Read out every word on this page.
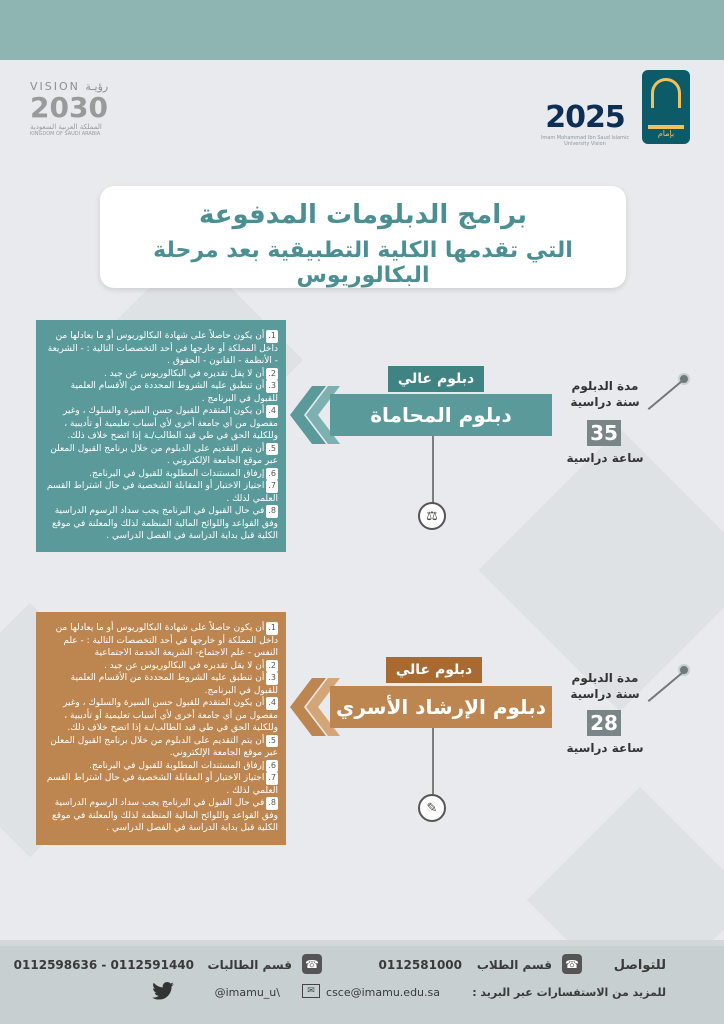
بإمام
2025
Imam Mohammad Ibn Saud Islamic University Vision
VISION رؤيـة
2030
المملكة العربية السعودية
KINGDOM OF SAUDI ARABIA
برامج الدبلومات المدفوعة
التي تقدمها الكلية التطبيقية بعد مرحلة البكالوريوس

1.أن يكون حاصلاً على شهادة البكالوريوس أو ما يعادلها من داخل المملكة أو خارجها في أحد التخصصات التالية : - الشريعة - الأنظمة - القانون - الحقوق .

2.أن لا يقل تقديره في البكالوريوس عن جيد .

3.أن تنطبق عليه الشروط المحددة من الأقسام العلمية للقبول في البرنامج .

4.أن يكون المتقدم للقبول حسن السيرة والسلوك ، وغير مفصول من أي جامعة أخرى لأي أسباب تعليمية أو تأديبية ، وللكلية الحق في طي قيد الطالب/ـة إذا اتضح خلاف ذلك.

5.أن يتم التقديم على الدبلوم من خلال برنامج القبول المعلن عبر موقع الجامعة الإلكتروني .

6.إرفاق المستندات المطلوبة للقبول في البرنامج.

7.اجتياز الاختبار أو المقابلة الشخصية في حال اشتراط القسم العلمي لذلك .

8.في حال القبول في البرنامج يجب سداد الرسوم الدراسية وفق القواعد واللوائح المالية المنظمة لذلك والمعلنة في موقع الكلية قبل بداية الدراسة في الفصل الدراسي .

دبلوم المحاماة
دبلوم عالي
⚖
مدة الدبلوم
سنة دراسية
35
ساعة دراسية

1.أن يكون حاصلاً على شهادة البكالوريوس أو ما يعادلها من داخل المملكة أو خارجها في أحد التخصصات التالية : - علم النفس - علم الاجتماع- الشريعة الخدمة الاجتماعية

2.أن لا يقل تقديره في البكالوريوس عن جيد .

3.أن تنطبق عليه الشروط المحددة من الأقسام العلمية للقبول في البرنامج.

4.أن يكون المتقدم للقبول حسن السيرة والسلوك ، وغير مفصول من أي جامعة أخرى لأي أسباب تعليمية أو تأديبية ، وللكلية الحق في طي قيد الطالب/ـة إذا اتضح خلاف ذلك.

5.أن يتم التقديم على الدبلوم من خلال برنامج القبول المعلن عبر موقع الجامعة الإلكتروني.

6.إرفاق المستندات المطلوبة للقبول في البرنامج.

7.اجتياز الاختبار أو المقابلة الشخصية في حال اشتراط القسم العلمي لذلك .

8.في حال القبول في البرنامج يجب سداد الرسوم الدراسية وفق القواعد واللوائح المالية المنظمة لذلك والمعلنة في موقع الكلية قبل بداية الدراسة في الفصل الدراسي .

دبلوم الإرشاد الأسري
دبلوم عالي
✎
مدة الدبلوم
سنة دراسية
28
ساعة دراسية
للتواصل
☎
قسم الطلاب
0112581000
☎
قسم الطالبات
0112598636 - 0112591440
للمزيد من الاستفسارات عبر البريد :
csce@imamu.edu.sa
✉
@imamu_u\
